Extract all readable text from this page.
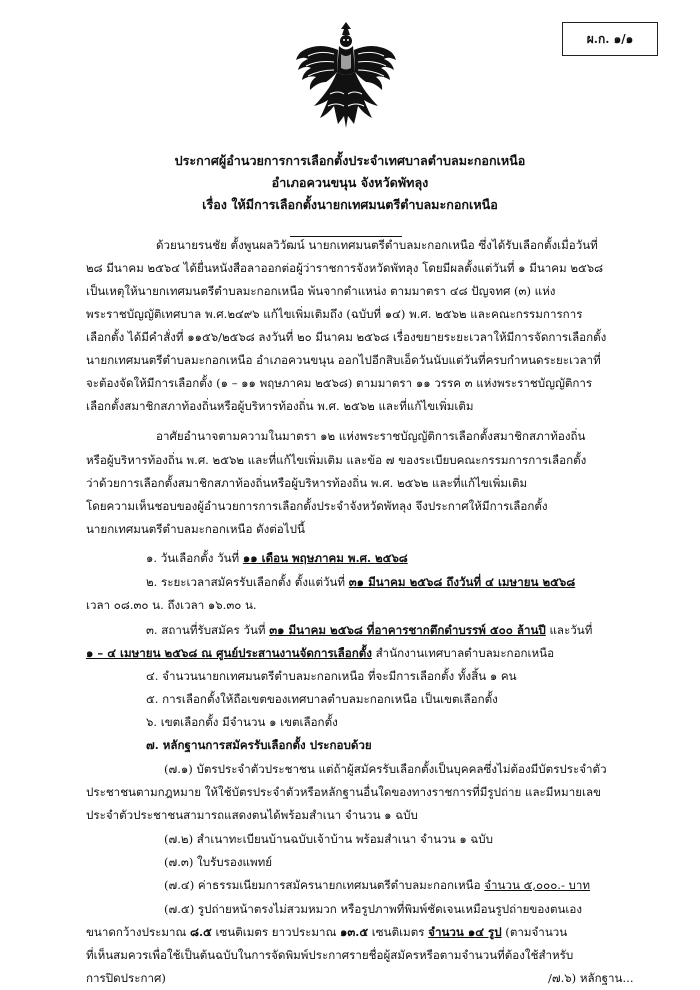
ผ.ก. ๑/๑
ประกาศผู้อำนวยการการเลือกตั้งประจำเทศบาลตำบลมะกอกเหนือ
อำเภอควนขนุน จังหวัดพัทลุง
เรื่อง ให้มีการเลือกตั้งนายกเทศมนตรีตำบลมะกอกเหนือ
ด้วยนายรนชัย ตั้งพูนผลวิวัฒน์ นายกเทศมนตรีตำบลมะกอกเหนือ ซึ่งได้รับเลือกตั้งเมื่อวันที่
๒๘ มีนาคม ๒๕๖๔ ได้ยื่นหนังสือลาออกต่อผู้ว่าราชการจังหวัดพัทลุง โดยมีผลตั้งแต่วันที่ ๑ มีนาคม ๒๕๖๘
เป็นเหตุให้นายกเทศมนตรีตำบลมะกอกเหนือ พ้นจากตำแหน่ง ตามมาตรา ๔๘ ปัญจทศ (๓) แห่ง
พระราชบัญญัติเทศบาล พ.ศ.๒๔๙๖ แก้ไขเพิ่มเติมถึง (ฉบับที่ ๑๔) พ.ศ. ๒๕๖๒ และคณะกรรมการการ
เลือกตั้ง ได้มีคำสั่งที่ ๑๑๕๖/๒๕๖๘ ลงวันที่ ๒๐ มีนาคม ๒๕๖๘ เรื่องขยายระยะเวลาให้มีการจัดการเลือกตั้ง
นายกเทศมนตรีตำบลมะกอกเหนือ อำเภอควนขนุน ออกไปอีกสิบเอ็ดวันนับแต่วันที่ครบกำหนดระยะเวลาที่
จะต้องจัดให้มีการเลือกตั้ง (๑ – ๑๑ พฤษภาคม ๒๕๖๘) ตามมาตรา ๑๑ วรรค ๓ แห่งพระราชบัญญัติการ
เลือกตั้งสมาชิกสภาท้องถิ่นหรือผู้บริหารท้องถิ่น พ.ศ. ๒๕๖๒ และที่แก้ไขเพิ่มเติม
อาศัยอำนาจตามความในมาตรา ๑๒ แห่งพระราชบัญญัติการเลือกตั้งสมาชิกสภาท้องถิ่น
หรือผู้บริหารท้องถิ่น พ.ศ. ๒๕๖๒ และที่แก้ไขเพิ่มเติม และข้อ ๗ ของระเบียบคณะกรรมการการเลือกตั้ง
ว่าด้วยการเลือกตั้งสมาชิกสภาท้องถิ่นหรือผู้บริหารท้องถิ่น พ.ศ. ๒๕๖๒ และที่แก้ไขเพิ่มเติม
โดยความเห็นชอบของผู้อำนวยการการเลือกตั้งประจำจังหวัดพัทลุง จึงประกาศให้มีการเลือกตั้ง
นายกเทศมนตรีตำบลมะกอกเหนือ ดังต่อไปนี้
๑. วันเลือกตั้ง วันที่ ๑๑ เดือน พฤษภาคม พ.ศ. ๒๕๖๘
๒. ระยะเวลาสมัครรับเลือกตั้ง ตั้งแต่วันที่ ๓๑ มีนาคม ๒๕๖๘ ถึงวันที่ ๔ เมษายน ๒๕๖๘
เวลา ๐๘.๓๐ น. ถึงเวลา ๑๖.๓๐ น.
๓. สถานที่รับสมัคร วันที่ ๓๑ มีนาคม ๒๕๖๘ ที่อาคารชากตึกดำบรรพ์ ๕๐๐ ล้านปี และวันที่
๑ – ๔ เมษายน ๒๕๖๘ ณ ศูนย์ประสานงานจัดการเลือกตั้ง สำนักงานเทศบาลตำบลมะกอกเหนือ
๔. จำนวนนายกเทศมนตรีตำบลมะกอกเหนือ ที่จะมีการเลือกตั้ง ทั้งสิ้น ๑ คน
๕. การเลือกตั้งให้ถือเขตของเทศบาลตำบลมะกอกเหนือ เป็นเขตเลือกตั้ง
๖. เขตเลือกตั้ง มีจำนวน ๑ เขตเลือกตั้ง
๗. หลักฐานการสมัครรับเลือกตั้ง ประกอบด้วย
(๗.๑) บัตรประจำตัวประชาชน แต่ถ้าผู้สมัครรับเลือกตั้งเป็นบุคคลซึ่งไม่ต้องมีบัตรประจำตัว
ประชาชนตามกฎหมาย ให้ใช้บัตรประจำตัวหรือหลักฐานอื่นใดของทางราชการที่มีรูปถ่าย และมีหมายเลข
ประจำตัวประชาชนสามารถแสดงตนได้พร้อมสำเนา จำนวน ๑ ฉบับ
(๗.๒) สำเนาทะเบียนบ้านฉบับเจ้าบ้าน พร้อมสำเนา จำนวน ๑ ฉบับ
(๗.๓) ใบรับรองแพทย์
(๗.๔) ค่าธรรมเนียมการสมัครนายกเทศมนตรีตำบลมะกอกเหนือ จำนวน ๕,๐๐๐.- บาท
(๗.๕) รูปถ่ายหน้าตรงไม่สวมหมวก หรือรูปภาพที่พิมพ์ชัดเจนเหมือนรูปถ่ายของตนเอง
ขนาดกว้างประมาณ ๘.๕ เซนติเมตร ยาวประมาณ ๑๓.๕ เซนติเมตร จำนวน ๑๔ รูป (ตามจำนวน
ที่เห็นสมควรเพื่อใช้เป็นต้นฉบับในการจัดพิมพ์ประกาศรายชื่อผู้สมัครหรือตามจำนวนที่ต้องใช้สำหรับ
การปิดประกาศ)	/๗.๖) หลักฐาน...
